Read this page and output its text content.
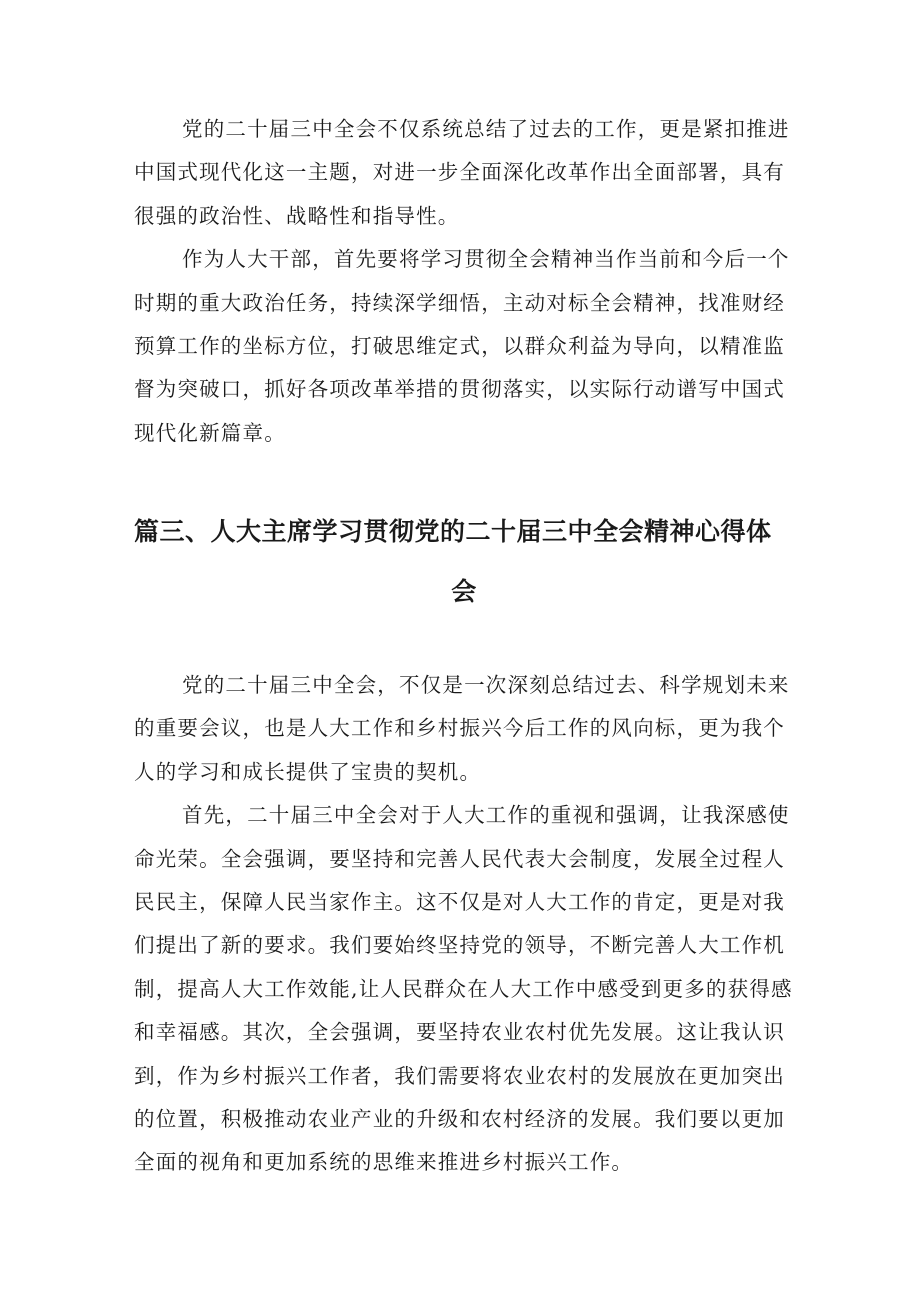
党的二十届三中全会不仅系统总结了过去的工作，更是紧扣推进
中国式现代化这一主题，对进一步全面深化改革作出全面部署，具有
很强的政治性、战略性和指导性。

作为人大干部，首先要将学习贯彻全会精神当作当前和今后一个
时期的重大政治任务，持续深学细悟，主动对标全会精神，找准财经
预算工作的坐标方位，打破思维定式，以群众利益为导向，以精准监
督为突破口，抓好各项改革举措的贯彻落实，以实际行动谱写中国式
现代化新篇章。

篇三、人大主席学习贯彻党的二十届三中全会精神心得体
会

党的二十届三中全会，不仅是一次深刻总结过去、科学规划未来
的重要会议，也是人大工作和乡村振兴今后工作的风向标，更为我个
人的学习和成长提供了宝贵的契机。

首先，二十届三中全会对于人大工作的重视和强调，让我深感使
命光荣。全会强调，要坚持和完善人民代表大会制度，发展全过程人
民民主，保障人民当家作主。这不仅是对人大工作的肯定，更是对我
们提出了新的要求。我们要始终坚持党的领导，不断完善人大工作机
制，提高人大工作效能,让人民群众在人大工作中感受到更多的获得感
和幸福感。其次，全会强调，要坚持农业农村优先发展。这让我认识
到，作为乡村振兴工作者，我们需要将农业农村的发展放在更加突出
的位置，积极推动农业产业的升级和农村经济的发展。我们要以更加
全面的视角和更加系统的思维来推进乡村振兴工作。
